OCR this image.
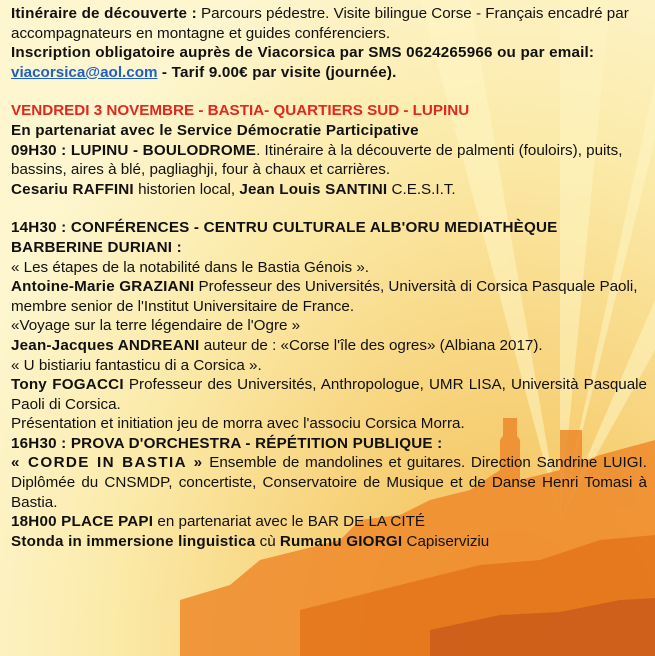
Itinéraire de découverte : Parcours pédestre. Visite bilingue Corse - Français encadré par accompagnateurs en montagne et guides conférenciers.
Inscription obligatoire auprès de Viacorsica par SMS 0624265966 ou par email: viacorsica@aol.com - Tarif 9.00€ par visite (journée).

VENDREDI 3 NOVEMBRE - BASTIA- QUARTIERS SUD - LUPINU

En partenariat avec le Service Démocratie Participative

09H30 : LUPINU - BOULODROME. Itinéraire à la découverte de palmenti (fouloirs), puits, bassins, aires à blé, pagliaghji, four à chaux et carrières.

Cesariu RAFFINI historien local, Jean Louis SANTINI C.E.S.I.T.

14H30 : CONFÉRENCES - CENTRU CULTURALE ALB'ORU MEDIATHÈQUE BARBERINE DURIANI :

« Les étapes de la notabilité dans le Bastia Génois ».

Antoine-Marie GRAZIANI Professeur des Universités, Università di Corsica Pasquale Paoli, membre senior de l'Institut Universitaire de France.

«Voyage sur la terre légendaire de l'Ogre »

Jean-Jacques ANDREANI auteur de : «Corse l'île des ogres» (Albiana 2017).

« U bistiariu fantasticu di a Corsica ».

Tony FOGACCI Professeur des Universités, Anthropologue, UMR LISA, Università Pasquale Paoli di Corsica.

Présentation et initiation jeu de morra avec l'associu Corsica Morra.

16H30 : PROVA D'ORCHESTRA - RÉPÉTITION PUBLIQUE :

« CORDE IN BASTIA » Ensemble de mandolines et guitares. Direction Sandrine LUIGI. Diplômée du CNSMDP, concertiste, Conservatoire de Musique et de Danse Henri Tomasi à Bastia.

18H00 PLACE PAPI en partenariat avec le BAR DE LA CITÉ

Stonda in immersione linguistica cù Rumanu GIORGI Capiserviziu
